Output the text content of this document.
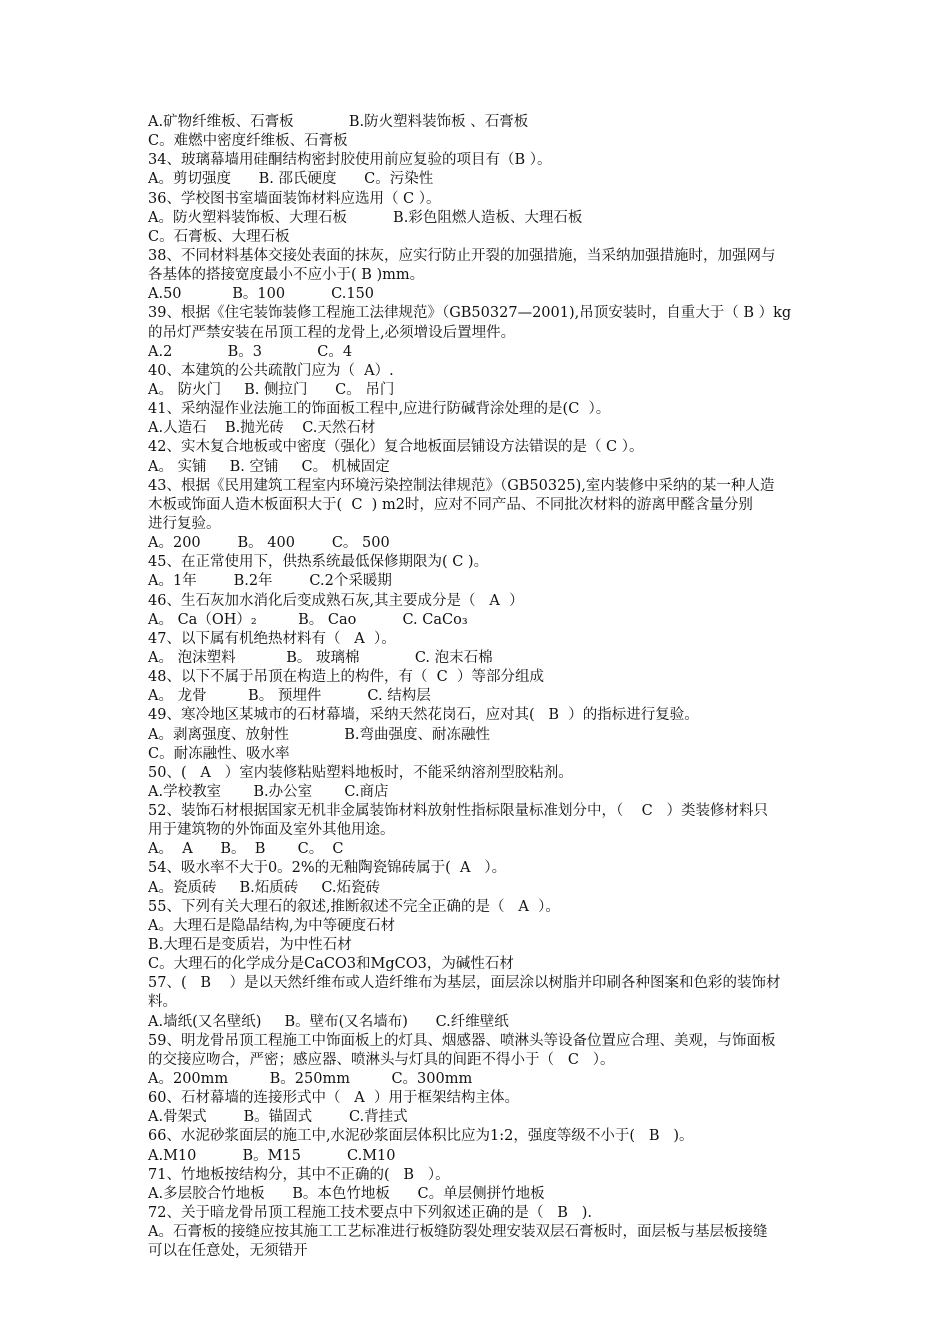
A.矿物纤维板、石膏板            B.防火塑料装饰板 、石膏板
C。难燃中密度纤维板、石膏板
34、玻璃幕墙用硅酮结构密封胶使用前应复验的项目有（B ）。
A。剪切强度      B. 邵氏硬度      C。污染性
36、学校图书室墙面装饰材料应选用（ C ）。
A。防火塑料装饰板、大理石板          B.彩色阻燃人造板、大理石板
C。石膏板、大理石板
38、不同材料基体交接处表面的抹灰，应实行防止开裂的加强措施，当采纳加强措施时，加强网与
各基体的搭接宽度最小不应小于( B )mm。
A.50           B。100          C.150
39、根据《住宅装饰装修工程施工法律规范》（GB50327—2001),吊顶安装时，自重大于（ B ）kg
的吊灯严禁安装在吊顶工程的龙骨上,必须增设后置埋件。
A.2            B。3            C。4
40、本建筑的公共疏散门应为（  A）.
A。 防火门     B. 侧拉门      C。 吊门
41、采纳湿作业法施工的饰面板工程中,应进行防碱背涂处理的是(C  ）。
A.人造石    B.抛光砖    C.天然石材
42、实木复合地板或中密度（强化）复合地板面层铺设方法错误的是（ C ）。
A。 实铺     B. 空铺     C。 机械固定
43、根据《民用建筑工程室内环境污染控制法律规范》（GB50325),室内装修中采纳的某一种人造
木板或饰面人造木板面积大于(  C  ) m2时，应对不同产品、不同批次材料的游离甲醛含量分别
进行复验。
A。200        B。 400        C。 500
45、在正常使用下，供热系统最低保修期限为( C )。
A。1年        B.2年        C.2个采暖期
46、生石灰加水消化后变成熟石灰,其主要成分是（   A  ）
A。 Ca（OH）₂         B。 Cao          C. CaCo₃
47、以下属有机绝热材料有（   A  ）。
A。 泡沫塑料           B。 玻璃棉            C. 泡末石棉
48、以下不属于吊顶在构造上的构件，有（  C  ）等部分组成
A。 龙骨         B。 预埋件          C. 结构层
49、寒冷地区某城市的石材幕墙，采纳天然花岗石，应对其(   B  ）的指标进行复验。
A。剥离强度、放射性            B.弯曲强度、耐冻融性
C。耐冻融性、吸水率
50、(   A   ）室内装修粘贴塑料地板时，不能采纳溶剂型胶粘剂。
A.学校教室       B.办公室       C.商店
52、装饰石材根据国家无机非金属装饰材料放射性指标限量标准划分中，（    C   ）类装修材料只
用于建筑物的外饰面及室外其他用途。
A。  A      B。  B       C。  C
54、吸水率不大于0。2%的无釉陶瓷锦砖属于(  A   ）。
A。瓷质砖     B.炻质砖     C.炻瓷砖
55、下列有关大理石的叙述,推断叙述不完全正确的是（   A  ）。
A。大理石是隐晶结构,为中等硬度石材
B.大理石是变质岩，为中性石材
C。大理石的化学成分是CaCO3和MgCO3，为碱性石材
57、(   B    ）是以天然纤维布或人造纤维布为基层，面层涂以树脂并印刷各种图案和色彩的装饰材
料。
A.墙纸(又名壁纸)     B。壁布(又名墙布)      C.纤维壁纸
59、明龙骨吊顶工程施工中饰面板上的灯具、烟感器、喷淋头等设备位置应合理、美观，与饰面板
的交接应吻合，严密；感应器、喷淋头与灯具的间距不得小于（   C   ）。
A。200mm         B。250mm         C。300mm
60、石材幕墙的连接形式中（   A  ）用于框架结构主体。
A.骨架式        B。锚固式        C.背挂式
66、水泥砂浆面层的施工中,水泥砂浆面层体积比应为1:2，强度等级不小于(   B   )。
A.M10          B。M15          C.M10
71、竹地板按结构分，其中不正确的(   B   ）。
A.多层胶合竹地板      B。本色竹地板      C。单层侧拼竹地板
72、关于暗龙骨吊顶工程施工技术要点中下列叙述正确的是（   B   ).
A。石膏板的接缝应按其施工工艺标准进行板缝防裂处理安装双层石膏板时，面层板与基层板接缝
可以在任意处，无须错开
